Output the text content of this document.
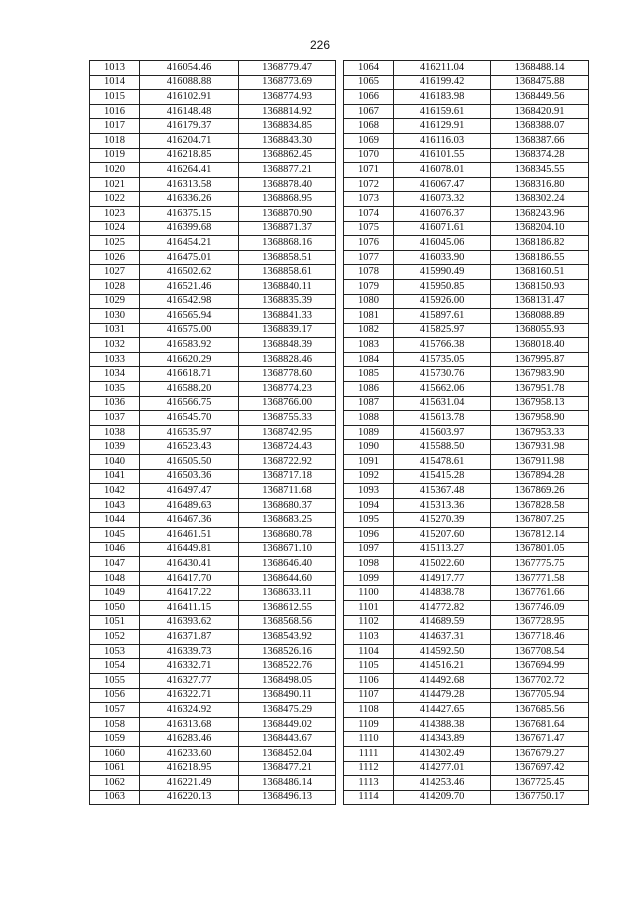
226
1013	416054.46	1368779.47
1014	416088.88	1368773.69
1015	416102.91	1368774.93
1016	416148.48	1368814.92
1017	416179.37	1368834.85
1018	416204.71	1368843.30
1019	416218.85	1368862.45
1020	416264.41	1368877.21
1021	416313.58	1368878.40
1022	416336.26	1368868.95
1023	416375.15	1368870.90
1024	416399.68	1368871.37
1025	416454.21	1368868.16
1026	416475.01	1368858.51
1027	416502.62	1368858.61
1028	416521.46	1368840.11
1029	416542.98	1368835.39
1030	416565.94	1368841.33
1031	416575.00	1368839.17
1032	416583.92	1368848.39
1033	416620.29	1368828.46
1034	416618.71	1368778.60
1035	416588.20	1368774.23
1036	416566.75	1368766.00
1037	416545.70	1368755.33
1038	416535.97	1368742.95
1039	416523.43	1368724.43
1040	416505.50	1368722.92
1041	416503.36	1368717.18
1042	416497.47	1368711.68
1043	416489.63	1368680.37
1044	416467.36	1368683.25
1045	416461.51	1368680.78
1046	416449.81	1368671.10
1047	416430.41	1368646.40
1048	416417.70	1368644.60
1049	416417.22	1368633.11
1050	416411.15	1368612.55
1051	416393.62	1368568.56
1052	416371.87	1368543.92
1053	416339.73	1368526.16
1054	416332.71	1368522.76
1055	416327.77	1368498.05
1056	416322.71	1368490.11
1057	416324.92	1368475.29
1058	416313.68	1368449.02
1059	416283.46	1368443.67
1060	416233.60	1368452.04
1061	416218.95	1368477.21
1062	416221.49	1368486.14
1063	416220.13	1368496.13
1064	416211.04	1368488.14
1065	416199.42	1368475.88
1066	416183.98	1368449.56
1067	416159.61	1368420.91
1068	416129.91	1368388.07
1069	416116.03	1368387.66
1070	416101.55	1368374.28
1071	416078.01	1368345.55
1072	416067.47	1368316.80
1073	416073.32	1368302.24
1074	416076.37	1368243.96
1075	416071.61	1368204.10
1076	416045.06	1368186.82
1077	416033.90	1368186.55
1078	415990.49	1368160.51
1079	415950.85	1368150.93
1080	415926.00	1368131.47
1081	415897.61	1368088.89
1082	415825.97	1368055.93
1083	415766.38	1368018.40
1084	415735.05	1367995.87
1085	415730.76	1367983.90
1086	415662.06	1367951.78
1087	415631.04	1367958.13
1088	415613.78	1367958.90
1089	415603.97	1367953.33
1090	415588.50	1367931.98
1091	415478.61	1367911.98
1092	415415.28	1367894.28
1093	415367.48	1367869.26
1094	415313.36	1367828.58
1095	415270.39	1367807.25
1096	415207.60	1367812.14
1097	415113.27	1367801.05
1098	415022.60	1367775.75
1099	414917.77	1367771.58
1100	414838.78	1367761.66
1101	414772.82	1367746.09
1102	414689.59	1367728.95
1103	414637.31	1367718.46
1104	414592.50	1367708.54
1105	414516.21	1367694.99
1106	414492.68	1367702.72
1107	414479.28	1367705.94
1108	414427.65	1367685.56
1109	414388.38	1367681.64
1110	414343.89	1367671.47
1111	414302.49	1367679.27
1112	414277.01	1367697.42
1113	414253.46	1367725.45
1114	414209.70	1367750.17
